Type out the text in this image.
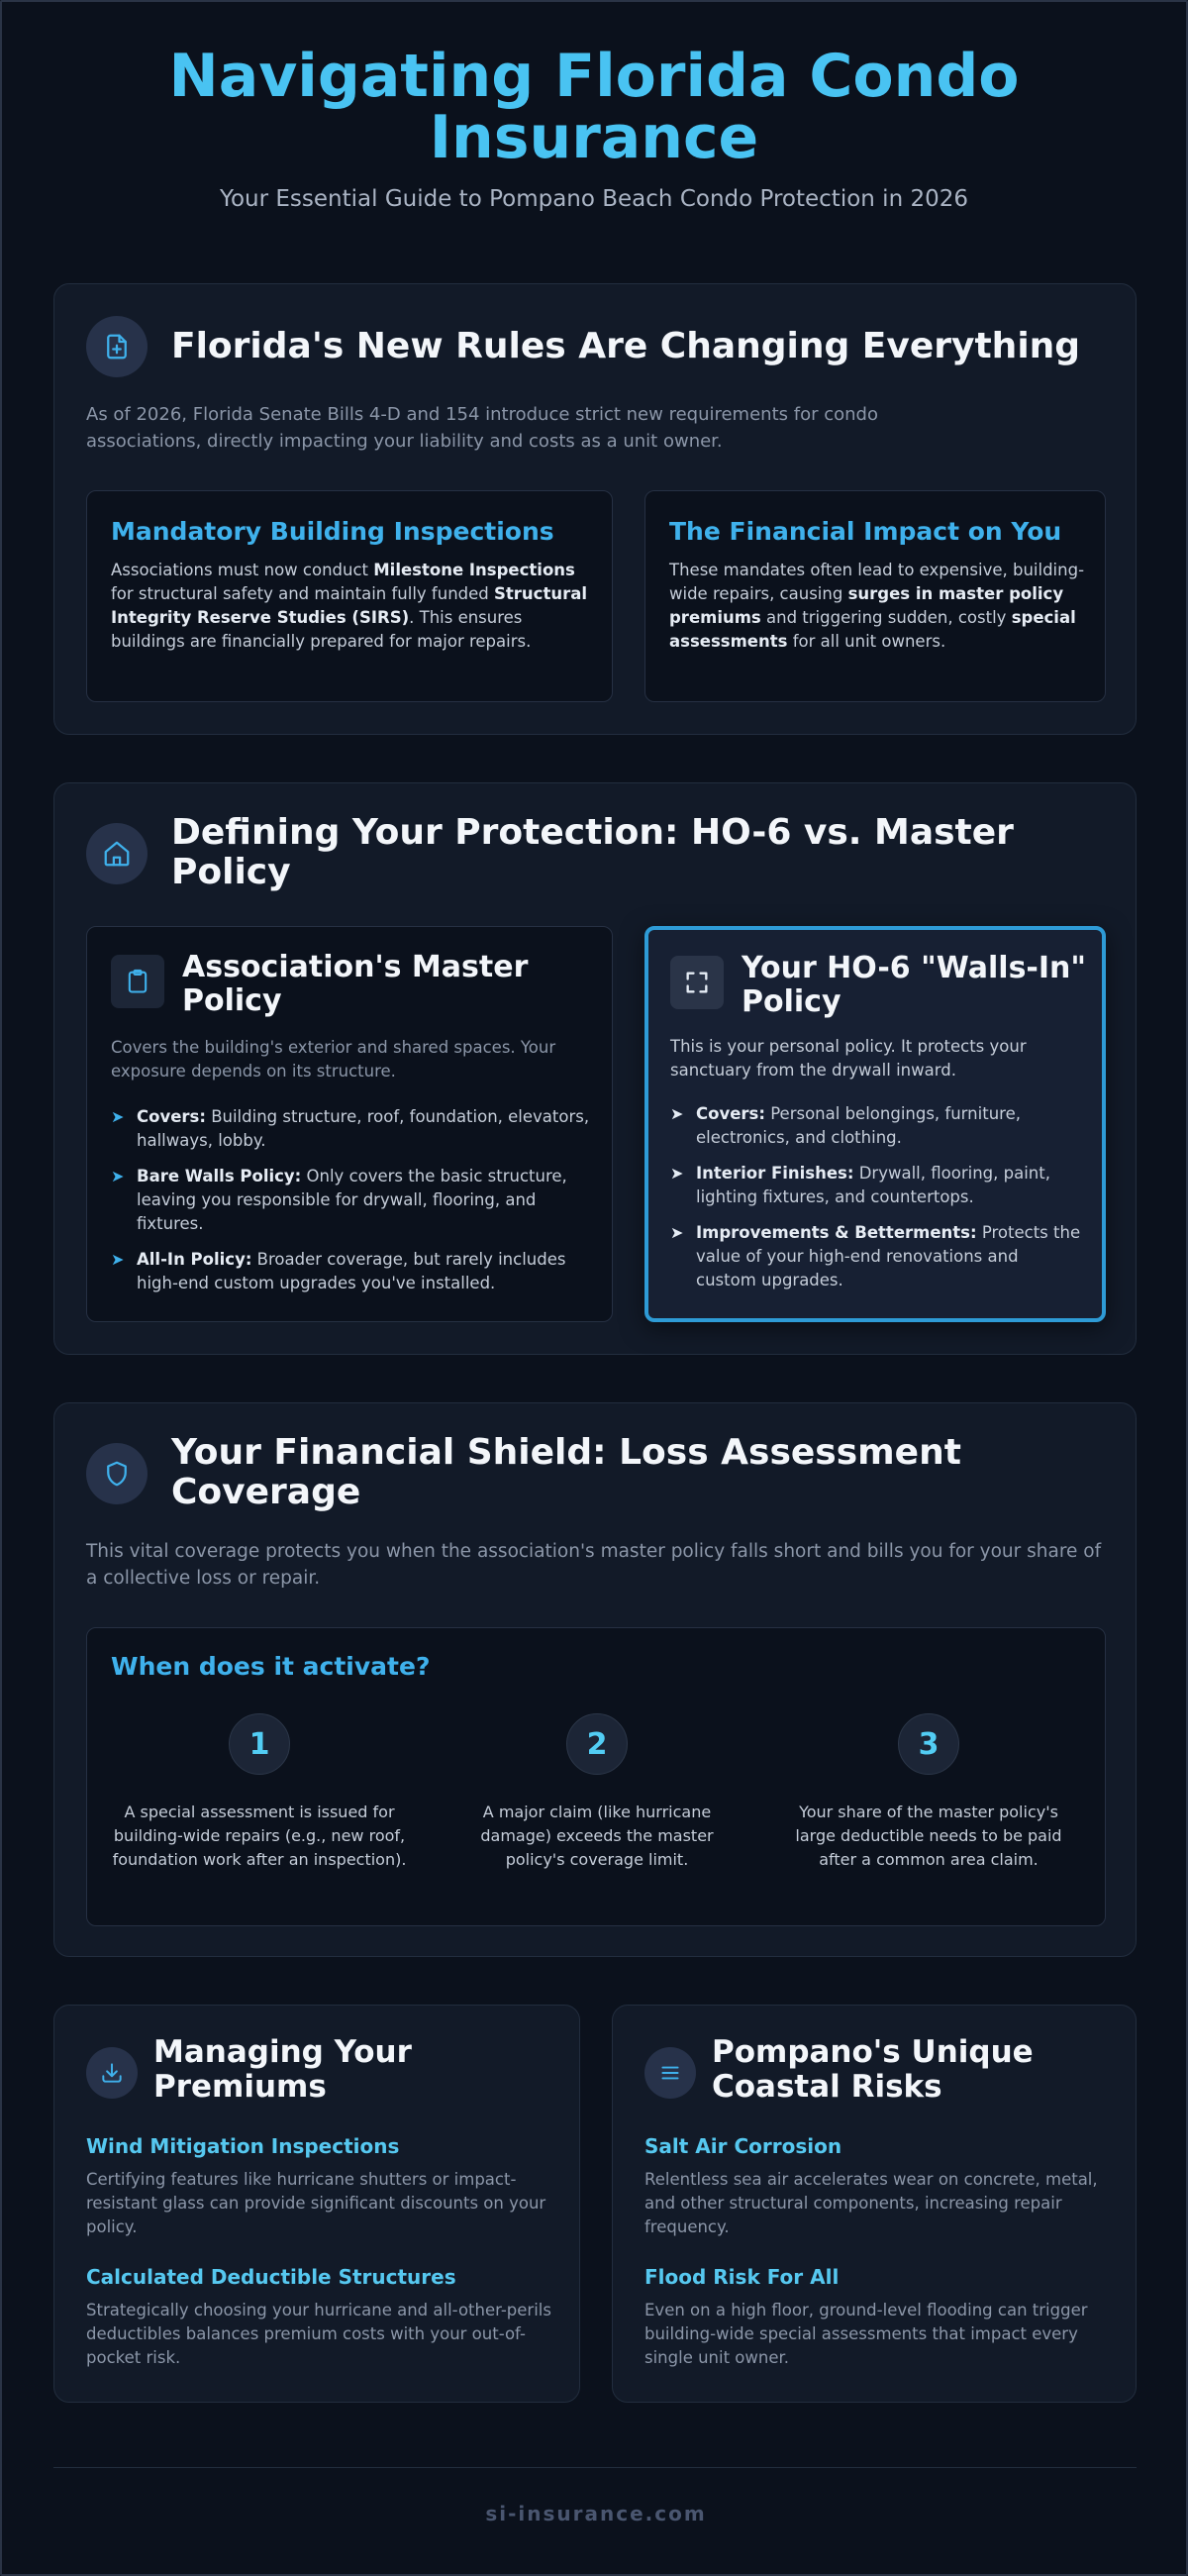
Navigating Florida Condo Insurance
Your Essential Guide to Pompano Beach Condo Protection in 2026
Florida's New Rules Are Changing Everything
As of 2026, Florida Senate Bills 4-D and 154 introduce strict new requirements for condo associations, directly impacting your liability and costs as a unit owner.
Mandatory Building Inspections
Associations must now conduct Milestone Inspections for structural safety and maintain fully funded Structural Integrity Reserve Studies (SIRS). This ensures buildings are financially prepared for major repairs.
The Financial Impact on You
These mandates often lead to expensive, building-wide repairs, causing surges in master policy premiums and triggering sudden, costly special assessments for all unit owners.
Defining Your Protection: HO-6 vs. Master Policy
Association's Master Policy
Covers the building's exterior and shared spaces. Your exposure depends on its structure.
➤ Covers: Building structure, roof, foundation, elevators, hallways, lobby.
➤ Bare Walls Policy: Only covers the basic structure, leaving you responsible for drywall, flooring, and fixtures.
➤ All-In Policy: Broader coverage, but rarely includes high-end custom upgrades you've installed.
Your HO-6 "Walls-In" Policy
This is your personal policy. It protects your sanctuary from the drywall inward.
➤ Covers: Personal belongings, furniture, electronics, and clothing.
➤ Interior Finishes: Drywall, flooring, paint, lighting fixtures, and countertops.
➤ Improvements & Betterments: Protects the value of your high-end renovations and custom upgrades.
Your Financial Shield: Loss Assessment Coverage
This vital coverage protects you when the association's master policy falls short and bills you for your share of a collective loss or repair.
When does it activate?
1
A special assessment is issued for building-wide repairs (e.g., new roof, foundation work after an inspection).
2
A major claim (like hurricane damage) exceeds the master policy's coverage limit.
3
Your share of the master policy's large deductible needs to be paid after a common area claim.
Managing Your Premiums
Wind Mitigation Inspections
Certifying features like hurricane shutters or impact-resistant glass can provide significant discounts on your policy.
Calculated Deductible Structures
Strategically choosing your hurricane and all-other-perils deductibles balances premium costs with your out-of-pocket risk.
Pompano's Unique Coastal Risks
Salt Air Corrosion
Relentless sea air accelerates wear on concrete, metal, and other structural components, increasing repair frequency.
Flood Risk For All
Even on a high floor, ground-level flooding can trigger building-wide special assessments that impact every single unit owner.
si-insurance.com
